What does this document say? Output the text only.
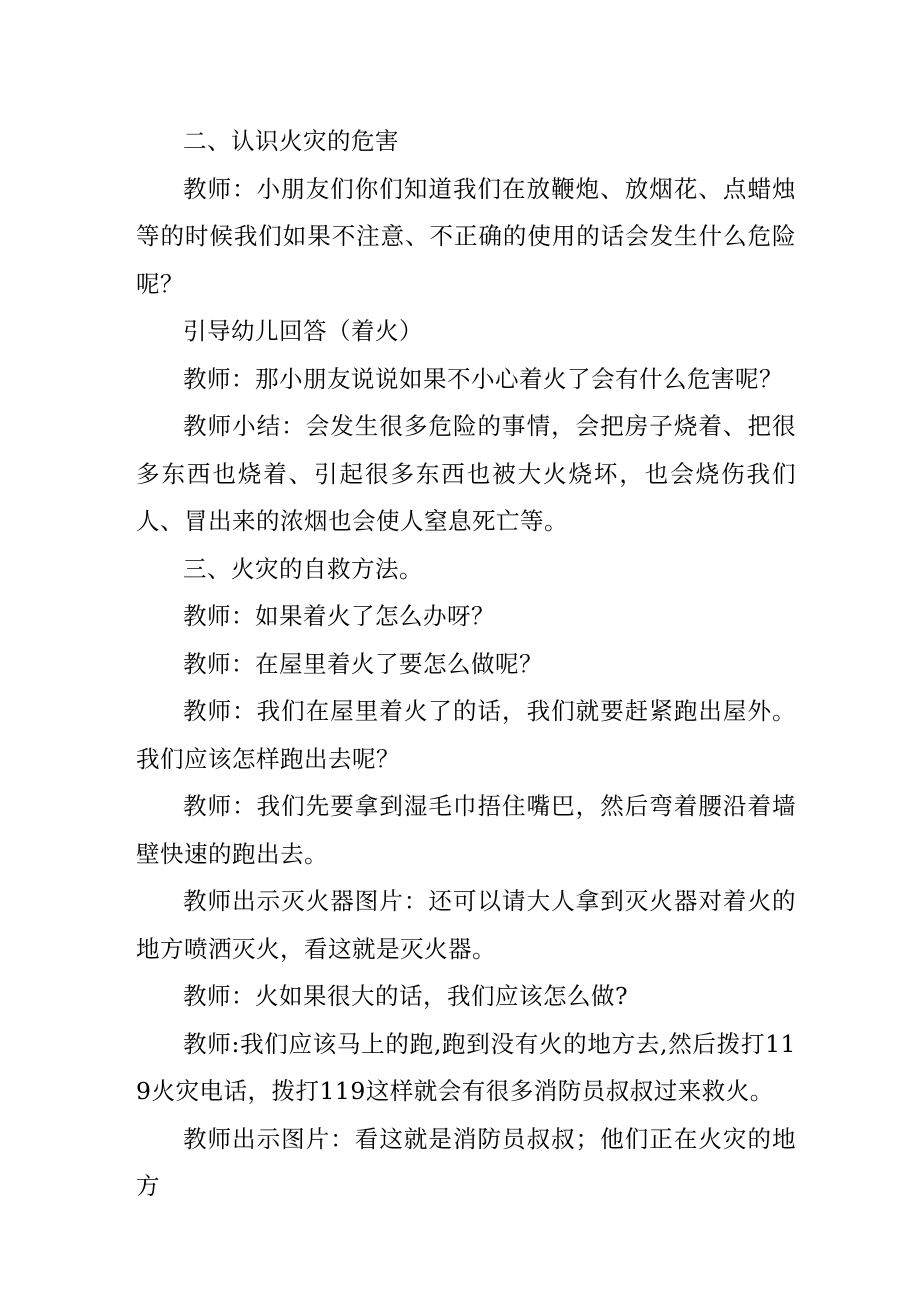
二、认识火灾的危害

教师：小朋友们你们知道我们在放鞭炮、放烟花、点蜡烛等的时候我们如果不注意、不正确的使用的话会发生什么危险呢？

引导幼儿回答（着火）

教师：那小朋友说说如果不小心着火了会有什么危害呢？

教师小结：会发生很多危险的事情，会把房子烧着、把很多东西也烧着、引起很多东西也被大火烧坏，也会烧伤我们人、冒出来的浓烟也会使人窒息死亡等。

三、火灾的自救方法。

教师：如果着火了怎么办呀？

教师：在屋里着火了要怎么做呢？

教师：我们在屋里着火了的话，我们就要赶紧跑出屋外。我们应该怎样跑出去呢？

教师：我们先要拿到湿毛巾捂住嘴巴，然后弯着腰沿着墙壁快速的跑出去。

教师出示灭火器图片：还可以请大人拿到灭火器对着火的地方喷洒灭火，看这就是灭火器。

教师：火如果很大的话，我们应该怎么做?

教师:我们应该马上的跑,跑到没有火的地方去,然后拨打119火灾电话，拨打119这样就会有很多消防员叔叔过来救火。

教师出示图片：看这就是消防员叔叔；他们正在火灾的地方
